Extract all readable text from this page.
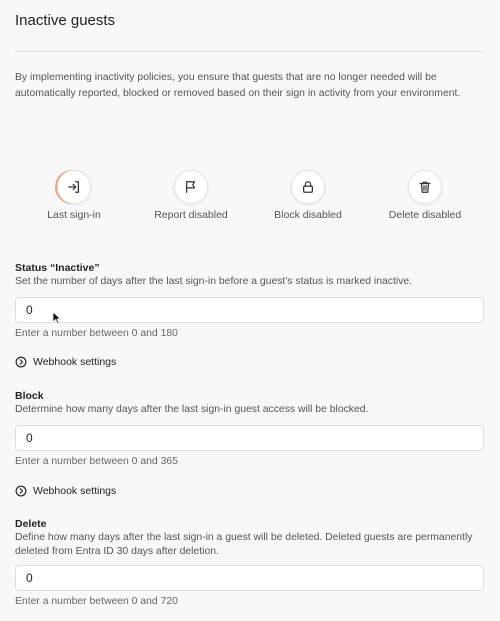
Inactive guests
By implementing inactivity policies, you ensure that guests that are no longer needed will be automatically reported, blocked or removed based on their sign in activity from your environment.
Last sign-in	Report disabled	Block disabled	Delete disabled
Status “Inactive”
Set the number of days after the last sign-in before a guest's status is marked inactive.
0
Enter a number between 0 and 180
Webhook settings
Block
Determine how many days after the last sign-in guest access will be blocked.
0
Enter a number between 0 and 365
Webhook settings
Delete
Define how many days after the last sign-in a guest will be deleted. Deleted guests are permanently deleted from Entra ID 30 days after deletion.
0
Enter a number between 0 and 720
